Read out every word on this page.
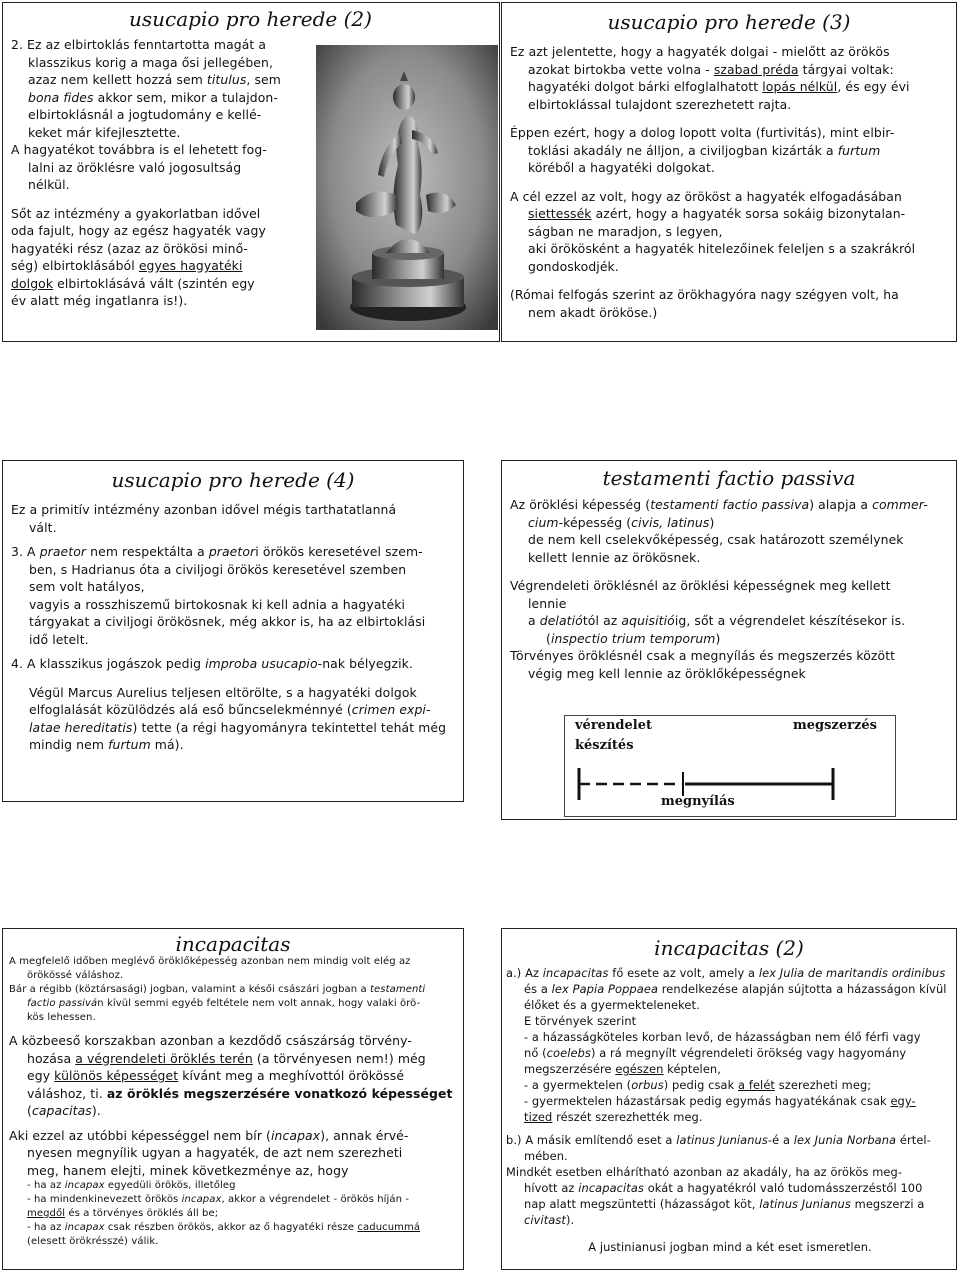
usucapio pro herede (2)

2. Ez az elbirtoklás fenntartotta magát a

klasszikus korig a maga ősi jellegében,

azaz nem kellett hozzá sem titulus, sem

bona fides akkor sem, mikor a tulajdon-

elbirtoklásnál a jogtudomány e kellé-

keket már kifejlesztette.

A hagyatékot továbbra is el lehetett fog-

lalni az öröklésre való jogosultság

nélkül.

Sőt az intézmény a gyakorlatban idővel

oda fajult, hogy az egész hagyaték vagy

hagyatéki rész (azaz az örökösi minő-

ség) elbirtoklásából egyes hagyatéki

dolgok elbirtoklásává vált (szintén egy

év alatt még ingatlanra is!).

usucapio pro herede (3)

Ez azt jelentette, hogy a hagyaték dolgai - mielőtt az örökös

azokat birtokba vette volna - szabad préda tárgyai voltak:

hagyatéki dolgot bárki elfoglalhatott lopás nélkül, és egy évi

elbirtoklással tulajdont szerezhetett rajta.

Éppen ezért, hogy a dolog lopott volta (furtivitás), mint elbir-

toklási akadály ne álljon, a civiljogban kizárták a furtum

köréből a hagyatéki dolgokat.

A cél ezzel az volt, hogy az örököst a hagyaték elfogadásában

siettessék azért, hogy a hagyaték sorsa sokáig bizonytalan-

ságban ne maradjon, s legyen,

aki örökösként a hagyaték hitelezőinek feleljen s a szakrákról

gondoskodjék.

(Római felfogás szerint az örökhagyóra nagy szégyen volt, ha

nem akadt örököse.)

usucapio pro herede (4)

Ez a primitív intézmény azonban idővel mégis tarthatatlanná

vált.

3. A praetor nem respektálta a praetori örökös keresetével szem-

ben, s Hadrianus óta a civiljogi örökös keresetével szemben

sem volt hatályos,

vagyis a rosszhiszemű birtokosnak ki kell adnia a hagyatéki

tárgyakat a civiljogi örökösnek, még akkor is, ha az elbirtoklási

idő letelt.

4. A klasszikus jogászok pedig improba usucapio-nak bélyegzik.

Végül Marcus Aurelius teljesen eltörölte, s a hagyatéki dolgok

elfoglalását közülödzés alá eső bűncselekménnyé (crimen expi-

latae hereditatis) tette (a régi hagyományra tekintettel tehát még

mindig nem furtum má).

testamenti factio passiva

Az öröklési képesség (testamenti factio passiva) alapja a commer-

cium-képesség (civis, latinus)

de nem kell cselekvőképesség, csak határozott személynek

kellett lennie az örökösnek.

Végrendeleti öröklésnél az öröklési képességnek meg kellett

lennie

a delatiótól az aquisitióig, sőt a végrendelet készítésekor is.

(inspectio trium temporum)

Törvényes öröklésnél csak a megnyílás és megszerzés között

végig meg kell lennie az öröklőképességnek

vérendelet
készítés
megszerzés
megnyílás
incapacitas

A megfelelő időben meglévő öröklőképesség azonban nem mindig volt elég az

örökössé váláshoz.

Bár a régibb (köztársasági) jogban, valamint a késői császári jogban a testamenti

factio passiván kívül semmi egyéb feltétele nem volt annak, hogy valaki örö-

kös lehessen.

A közbeeső korszakban azonban a kezdődő császárság törvény-

hozása a végrendeleti öröklés terén (a törvényesen nem!) még

egy különös képességet kívánt meg a meghívottól örökössé

váláshoz, ti. az öröklés megszerzésére vonatkozó képességet

(capacitas).

Aki ezzel az utóbbi képességgel nem bír (incapax), annak érvé-

nyesen megnyílik ugyan a hagyaték, de azt nem szerezheti

meg, hanem elejti, minek következménye az, hogy

- ha az incapax egyedüli örökös, illetőleg

- ha mindenkinevezett örökös incapax, akkor a végrendelet - örökös híján -

megdől és a törvényes öröklés áll be;

- ha az incapax csak részben örökös, akkor az ő hagyatéki része caducummá

(elesett örökrésszé) válik.

incapacitas (2)

a.) Az incapacitas fő esete az volt, amely a lex Julia de maritandis ordinibus

és a lex Papia Poppaea rendelkezése alapján sújtotta a házasságon kívül

élőket és a gyermekteleneket.

E törvények szerint

- a házasságköteles korban levő, de házasságban nem élő férfi vagy

nő (coelebs) a rá megnyílt végrendeleti örökség vagy hagyomány

megszerzésére egészen képtelen,

- a gyermektelen (orbus) pedig csak a felét szerezheti meg;

- gyermektelen házastársak pedig egymás hagyatékának csak egy-

tized részét szerezhették meg.

b.) A másik említendő eset a latinus Junianus-é a lex Junia Norbana értel-

mében.

Mindkét esetben elhárítható azonban az akadály, ha az örökös meg-

hívott az incapacitas okát a hagyatékról való tudomásszerzéstől 100

nap alatt megszüntetti (házasságot köt, latinus Junianus megszerzi a

civitast).

A justinianusi jogban mind a két eset ismeretlen.
